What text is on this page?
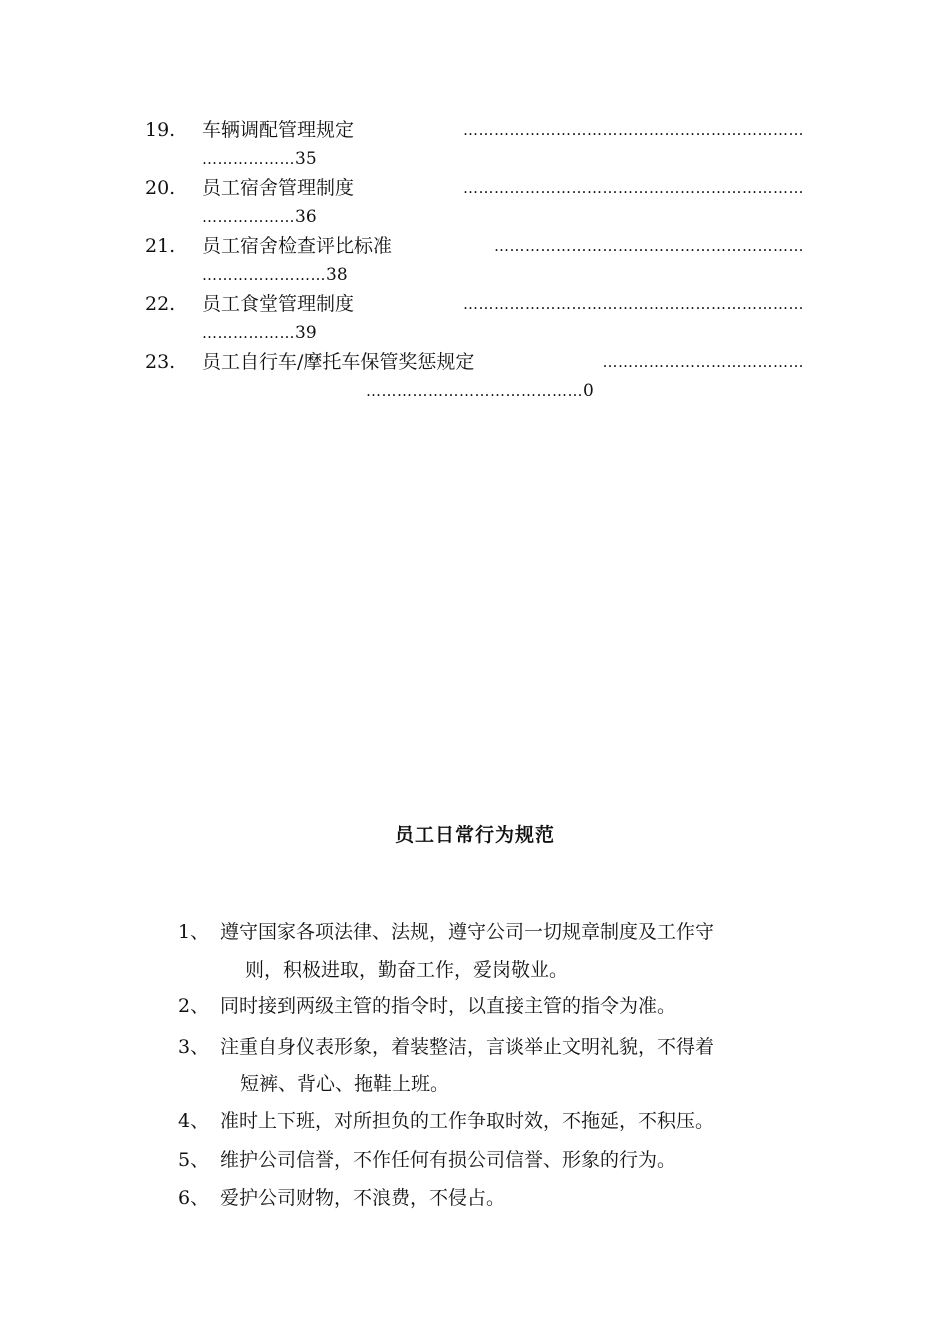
19. 车辆调配管理规定	…………………………………………………………
………………35
20. 员工宿舍管理制度	…………………………………………………………
………………36
21. 员工宿舍检查评比标准	……………………………………………………
……………………38
22. 员工食堂管理制度	…………………………………………………………
………………39
23. 员工自行车/摩托车保管奖惩规定	…………………………………
……………………………………0
员工日常行为规范
1、 遵守国家各项法律、法规，遵守公司一切规章制度及工作守
则，积极进取，勤奋工作，爱岗敬业。
2、 同时接到两级主管的指令时，以直接主管的指令为准。
3、 注重自身仪表形象，着装整洁，言谈举止文明礼貌，不得着
短裤、背心、拖鞋上班。
4、 准时上下班，对所担负的工作争取时效，不拖延，不积压。
5、 维护公司信誉，不作任何有损公司信誉、形象的行为。
6、 爱护公司财物，不浪费，不侵占。
